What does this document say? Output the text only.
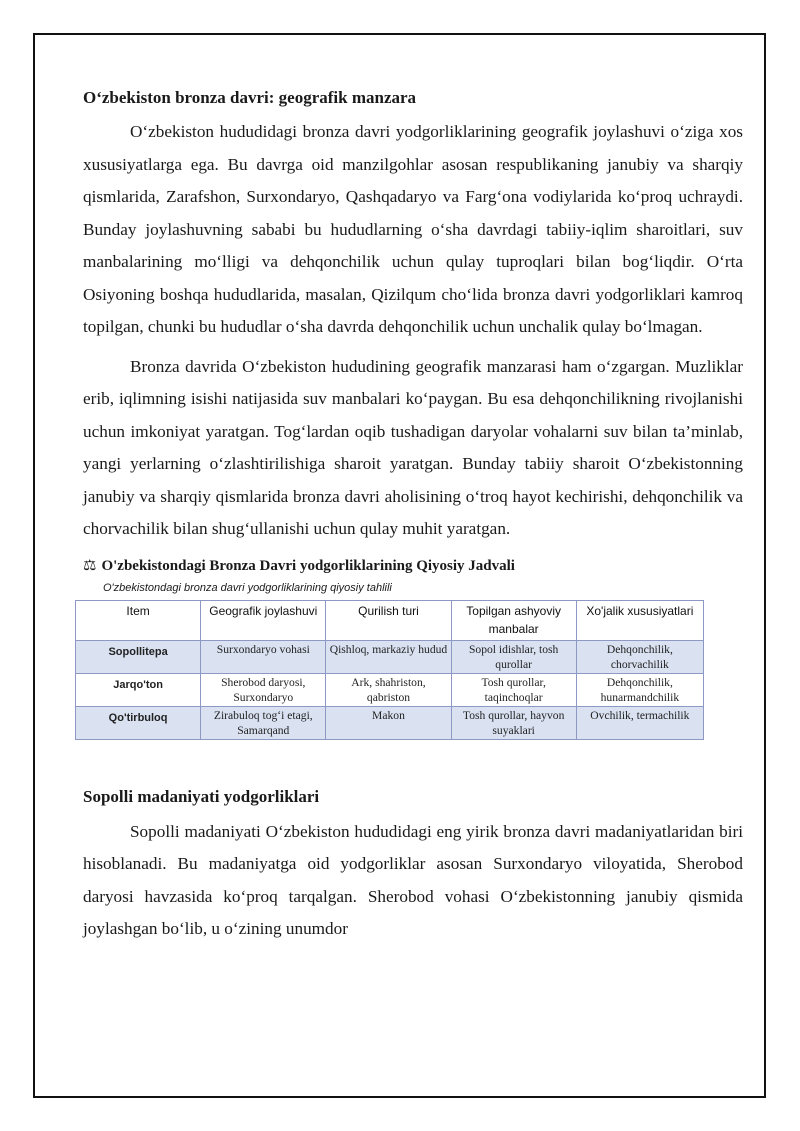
O‘zbekiston bronza davri: geografik manzara

O‘zbekiston hududidagi bronza davri yodgorliklarining geografik joylashuvi o‘ziga xos xususiyatlarga ega. Bu davrga oid manzilgohlar asosan respublikaning janubiy va sharqiy qismlarida, Zarafshon, Surxondaryo, Qashqadaryo va Farg‘ona vodiylarida ko‘proq uchraydi. Bunday joylashuvning sababi bu hududlarning o‘sha davrdagi tabiiy-iqlim sharoitlari, suv manbalarining mo‘lligi va dehqonchilik uchun qulay tuproqlari bilan bog‘liqdir. O‘rta Osiyoning boshqa hududlarida, masalan, Qizilqum cho‘lida bronza davri yodgorliklari kamroq topilgan, chunki bu hududlar o‘sha davrda dehqonchilik uchun unchalik qulay bo‘lmagan.

Bronza davrida O‘zbekiston hududining geografik manzarasi ham o‘zgargan. Muzliklar erib, iqlimning isishi natijasida suv manbalari ko‘paygan. Bu esa dehqonchilikning rivojlanishi uchun imkoniyat yaratgan. Tog‘lardan oqib tushadigan daryolar vohalarni suv bilan ta’minlab, yangi yerlarning o‘zlashtirilishiga sharoit yaratgan. Bunday tabiiy sharoit O‘zbekistonning janubiy va sharqiy qismlarida bronza davri aholisining o‘troq hayot kechirishi, dehqonchilik va chorvachilik bilan shug‘ullanishi uchun qulay muhit yaratgan.

⚖ O'zbekistondagi Bronza Davri yodgorliklarining Qiyosiy Jadvali
O'zbekistondagi bronza davri yodgorliklarining qiyosiy tahlili
Item	Geografik joylashuvi	Qurilish turi	Topilgan ashyoviy manbalar	Xo'jalik xususiyatlari
Sopollitepa	Surxondaryo vohasi	Qishloq, markaziy hudud	Sopol idishlar, tosh qurollar	Dehqonchilik, chorvachilik
Jarqo'ton	Sherobod daryosi, Surxondaryo	Ark, shahriston, qabriston	Tosh qurollar, taqinchoqlar	Dehqonchilik, hunarmandchilik
Qo'tirbuloq	Zirabuloq tog‘i etagi, Samarqand	Makon	Tosh qurollar, hayvon suyaklari	Ovchilik, termachilik
Sopolli madaniyati yodgorliklari

Sopolli madaniyati O‘zbekiston hududidagi eng yirik bronza davri madaniyatlaridan biri hisoblanadi. Bu madaniyatga oid yodgorliklar asosan Surxondaryo viloyatida, Sherobod daryosi havzasida ko‘proq tarqalgan. Sherobod vohasi O‘zbekistonning janubiy qismida joylashgan bo‘lib, u o‘zining unumdor
